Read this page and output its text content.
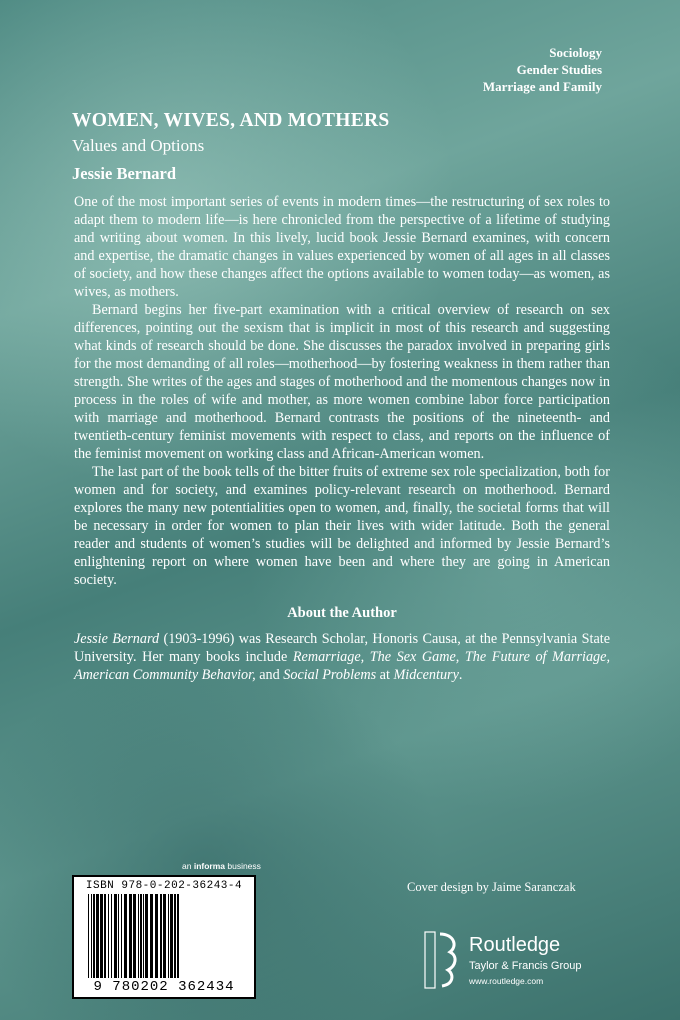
Sociology
Gender Studies
Marriage and Family
WOMEN, WIVES, AND MOTHERS
Values and Options
Jessie Bernard

One of the most important series of events in modern times—the restructuring of sex roles to adapt them to modern life—is here chronicled from the perspective of a lifetime of studying and writing about women. In this lively, lucid book Jessie Bernard examines, with concern and expertise, the dramatic changes in values experienced by women of all ages in all classes of society, and how these changes affect the options available to women today—as women, as wives, as mothers.

Bernard begins her five-part examination with a critical overview of research on sex differences, pointing out the sexism that is implicit in most of this research and suggesting what kinds of research should be done. She discusses the paradox involved in preparing girls for the most demanding of all roles—motherhood—by fostering weakness in them rather than strength. She writes of the ages and stages of motherhood and the momentous changes now in process in the roles of wife and mother, as more women combine labor force participation with marriage and motherhood. Bernard contrasts the positions of the nineteenth- and twentieth-century feminist movements with respect to class, and reports on the influence of the feminist movement on working class and African-American women.

The last part of the book tells of the bitter fruits of extreme sex role specialization, both for women and for society, and examines policy-relevant research on motherhood. Bernard explores the many new potentialities open to women, and, finally, the societal forms that will be necessary in order for women to plan their lives with wider latitude. Both the general reader and students of women’s studies will be delighted and informed by Jessie Bernard’s enlightening report on where women have been and where they are going in American society.

About the Author
Jessie Bernard (1903-1996) was Research Scholar, Honoris Causa, at the Pennsylvania State University. Her many books include Remarriage, The Sex Game, The Future of Marriage, American Community Behavior, and Social Problems at Midcentury.
an informa business
ISBN 978-0-202-36243-4
9 780202 362434
Cover design by Jaime Saranczak
Routledge
Taylor & Francis Group
www.routledge.com
